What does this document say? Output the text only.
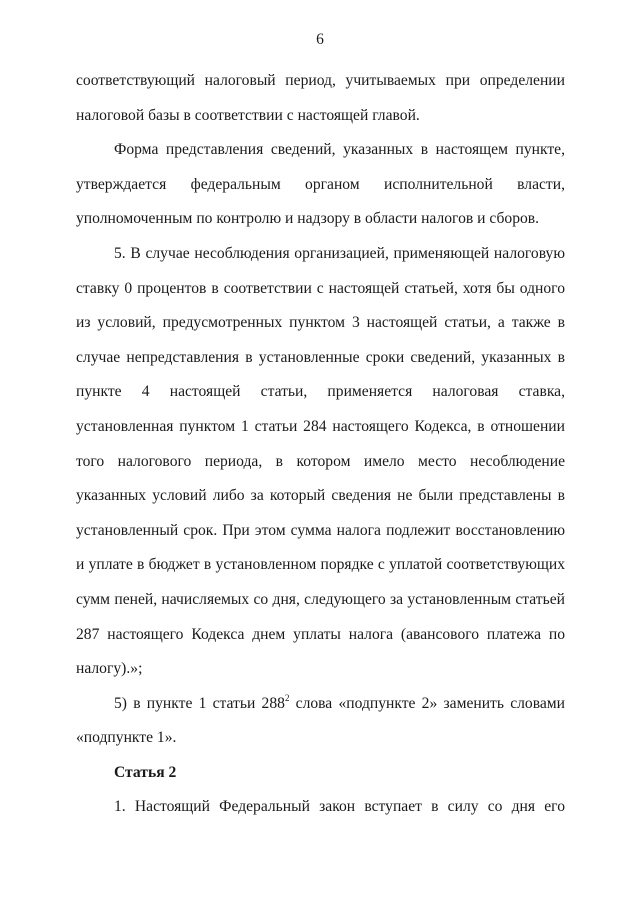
6

соответствующий налоговый период, учитываемых при определении налоговой базы в соответствии с настоящей главой.

Форма представления сведений, указанных в настоящем пункте, утверждается федеральным органом исполнительной власти, уполномоченным по контролю и надзору в области налогов и сборов.

5. В случае несоблюдения организацией, применяющей налоговую ставку 0 процентов в соответствии с настоящей статьей, хотя бы одного из условий, предусмотренных пунктом 3 настоящей статьи, а также в случае непредставления в установленные сроки сведений, указанных в пункте 4 настоящей статьи, применяется налоговая ставка, установленная пунктом 1 статьи 284 настоящего Кодекса, в отношении того налогового периода, в котором имело место несоблюдение указанных условий либо за который сведения не были представлены в установленный срок. При этом сумма налога подлежит восстановлению и уплате в бюджет в установленном порядке с уплатой соответствующих сумм пеней, начисляемых со дня, следующего за установленным статьей 287 настоящего Кодекса днем уплаты налога (авансового платежа по налогу).»;

5) в пункте 1 статьи $288^2$ слова «подпункте 2» заменить словами «подпункте 1».

Статья 2

1. Настоящий Федеральный закон вступает в силу со дня его
